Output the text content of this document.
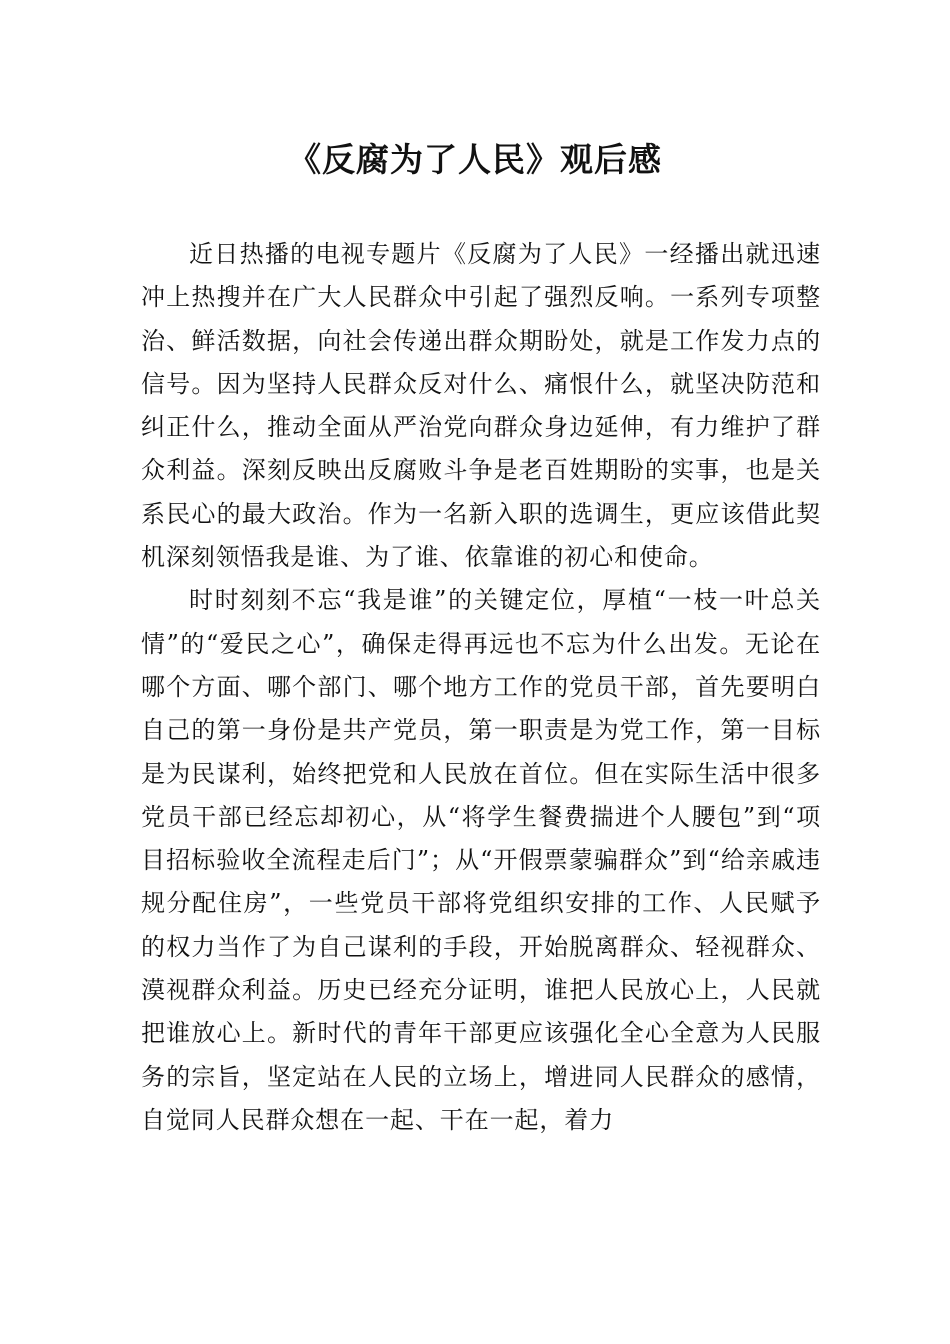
《反腐为了人民》观后感

近日热播的电视专题片《反腐为了人民》一经播出就迅速冲上热搜并在广大人民群众中引起了强烈反响。一系列专项整治、鲜活数据，向社会传递出群众期盼处，就是工作发力点的信号。因为坚持人民群众反对什么、痛恨什么，就坚决防范和纠正什么，推动全面从严治党向群众身边延伸，有力维护了群众利益。深刻反映出反腐败斗争是老百姓期盼的实事，也是关系民心的最大政治。作为一名新入职的选调生，更应该借此契机深刻领悟我是谁、为了谁、依靠谁的初心和使命。

时时刻刻不忘“我是谁”的关键定位，厚植“一枝一叶总关情”的“爱民之心”，确保走得再远也不忘为什么出发。无论在哪个方面、哪个部门、哪个地方工作的党员干部，首先要明白自己的第一身份是共产党员，第一职责是为党工作，第一目标是为民谋利，始终把党和人民放在首位。但在实际生活中很多党员干部已经忘却初心，从“将学生餐费揣进个人腰包”到“项目招标验收全流程走后门”；从“开假票蒙骗群众”到“给亲戚违规分配住房”，一些党员干部将党组织安排的工作、人民赋予的权力当作了为自己谋利的手段，开始脱离群众、轻视群众、漠视群众利益。历史已经充分证明，谁把人民放心上，人民就把谁放心上。新时代的青年干部更应该强化全心全意为人民服务的宗旨，坚定站在人民的立场上，增进同人民群众的感情，自觉同人民群众想在一起、干在一起，着力
